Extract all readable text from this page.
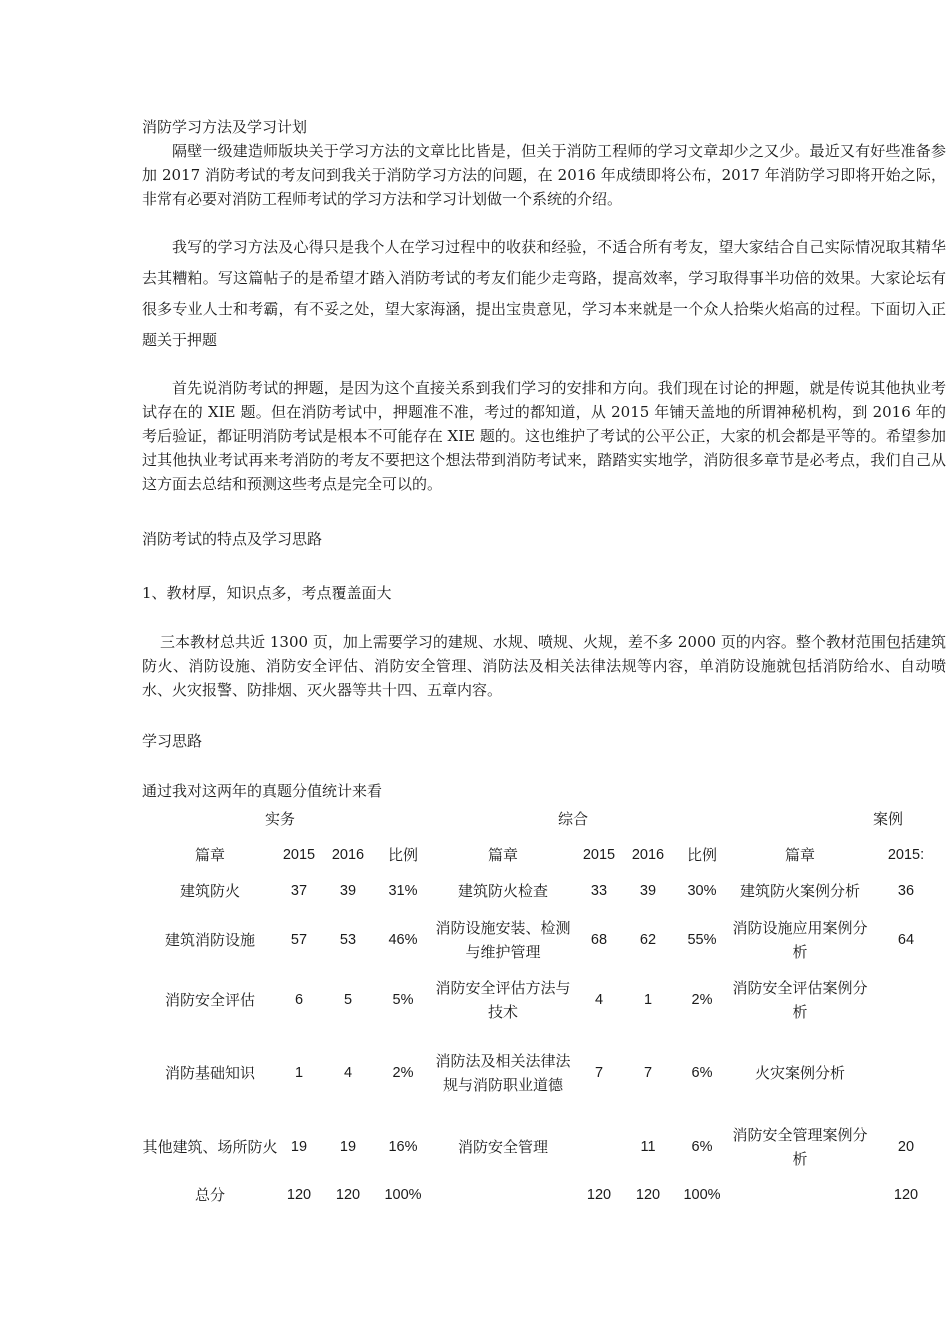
消防学习方法及学习计划
隔壁一级建造师版块关于学习方法的文章比比皆是，但关于消防工程师的学习文章却少之又少。最近又有好些准备参加 2017 消防考试的考友问到我关于消防学习方法的问题，在 2016 年成绩即将公布，2017 年消防学习即将开始之际，非常有必要对消防工程师考试的学习方法和学习计划做一个系统的介绍。
我写的学习方法及心得只是我个人在学习过程中的收获和经验，不适合所有考友，望大家结合自己实际情况取其精华去其糟粕。写这篇帖子的是希望才踏入消防考试的考友们能少走弯路，提高效率，学习取得事半功倍的效果。大家论坛有很多专业人士和考霸，有不妥之处，望大家海涵，提出宝贵意见，学习本来就是一个众人拾柴火焰高的过程。下面切入正题关于押题
首先说消防考试的押题，是因为这个直接关系到我们学习的安排和方向。我们现在讨论的押题，就是传说其他执业考试存在的 XIE 题。但在消防考试中，押题准不准，考过的都知道，从 2015 年铺天盖地的所谓神秘机构，到 2016 年的考后验证，都证明消防考试是根本不可能存在 XIE 题的。这也维护了考试的公平公正，大家的机会都是平等的。希望参加过其他执业考试再来考消防的考友不要把这个想法带到消防考试来，踏踏实实地学，消防很多章节是必考点，我们自己从这方面去总结和预测这些考点是完全可以的。
消防考试的特点及学习思路
1、教材厚，知识点多，考点覆盖面大
三本教材总共近 1300 页，加上需要学习的建规、水规、喷规、火规，差不多 2000 页的内容。整个教材范围包括建筑防火、消防设施、消防安全评估、消防安全管理、消防法及相关法律法规等内容，单消防设施就包括消防给水、自动喷水、火灾报警、防排烟、灭火器等共十四、五章内容。
学习思路
通过我对这两年的真题分值统计来看
实务	综合	案例
篇章	2015	2016	比例	篇章	2015	2016	比例	篇章	2015:
建筑防火	37	39	31%	建筑防火检查	33	39	30%	建筑防火案例分析	36
建筑消防设施	57	53	46%	消防设施安装、检测与维护管理	68	62	55%	消防设施应用案例分析	64
消防安全评估	6	5	5%	消防安全评估方法与技术	4	1	2%	消防安全评估案例分析	
消防基础知识	1	4	2%	消防法及相关法律法规与消防职业道德	7	7	6%	火灾案例分析	
其他建筑、场所防火	19	19	16%	消防安全管理		11	6%	消防安全管理案例分析	20
总分	120	120	100%		120	120	100%		120
